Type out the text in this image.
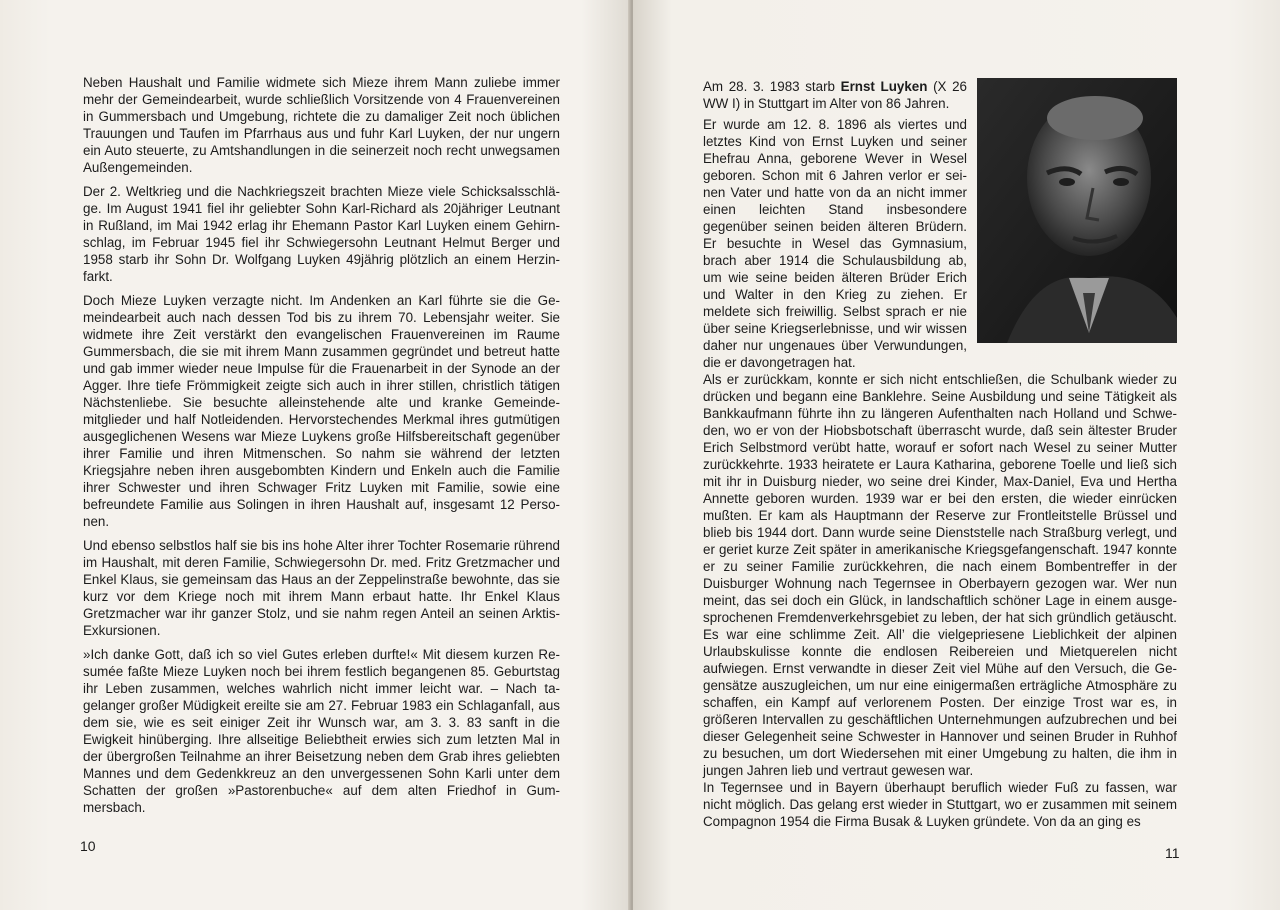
Neben Haushalt und Familie widmete sich Mieze ihrem Mann zuliebe immer mehr der Gemeindearbeit, wurde schließlich Vorsitzende von 4 Frauenvereinen in Gummersbach und Umgebung, richtete die zu damaliger Zeit noch üblichen Trauungen und Taufen im Pfarrhaus aus und fuhr Karl Luyken, der nur ungern ein Auto steuerte, zu Amtshandlungen in die seinerzeit noch recht unwegsamen Außengemeinden.

Der 2. Weltkrieg und die Nachkriegszeit brachten Mieze viele Schicksalsschläge. Im August 1941 fiel ihr geliebter Sohn Karl-Richard als 20jähriger Leutnant in Rußland, im Mai 1942 erlag ihr Ehemann Pastor Karl Luyken einem Gehirnschlag, im Februar 1945 fiel ihr Schwiegersohn Leutnant Helmut Berger und 1958 starb ihr Sohn Dr. Wolfgang Luyken 49jährig plötzlich an einem Herzinfarkt.

Doch Mieze Luyken verzagte nicht. Im Andenken an Karl führte sie die Gemeindearbeit auch nach dessen Tod bis zu ihrem 70. Lebensjahr weiter. Sie widmete ihre Zeit verstärkt den evangelischen Frauenvereinen im Raume Gummersbach, die sie mit ihrem Mann zusammen gegründet und betreut hatte und gab immer wieder neue Impulse für die Frauenarbeit in der Synode an der Agger. Ihre tiefe Frömmigkeit zeigte sich auch in ihrer stillen, christlich tätigen Nächstenliebe. Sie besuchte alleinstehende alte und kranke Gemeindemitglieder und half Notleidenden. Hervorstechendes Merkmal ihres gutmütigen ausgeglichenen Wesens war Mieze Luykens große Hilfsbereitschaft gegenüber ihrer Familie und ihren Mitmenschen. So nahm sie während der letzten Kriegsjahre neben ihren ausgebombten Kindern und Enkeln auch die Familie ihrer Schwester und ihren Schwager Fritz Luyken mit Familie, sowie eine befreundete Familie aus Solingen in ihren Haushalt auf, insgesamt 12 Personen.

Und ebenso selbstlos half sie bis ins hohe Alter ihrer Tochter Rosemarie rührend im Haushalt, mit deren Familie, Schwiegersohn Dr. med. Fritz Gretzmacher und Enkel Klaus, sie gemeinsam das Haus an der Zeppelinstraße bewohnte, das sie kurz vor dem Kriege noch mit ihrem Mann erbaut hatte. Ihr Enkel Klaus Gretzmacher war ihr ganzer Stolz, und sie nahm regen Anteil an seinen Arktis-Exkursionen.

»Ich danke Gott, daß ich so viel Gutes erleben durfte!« Mit diesem kurzen Resumée faßte Mieze Luyken noch bei ihrem festlich begangenen 85. Geburtstag ihr Leben zusammen, welches wahrlich nicht immer leicht war. – Nach tagelanger großer Müdigkeit ereilte sie am 27. Februar 1983 ein Schlaganfall, aus dem sie, wie es seit einiger Zeit ihr Wunsch war, am 3. 3. 83 sanft in die Ewigkeit hinüberging. Ihre allseitige Beliebtheit erwies sich zum letzten Mal in der übergroßen Teilnahme an ihrer Beisetzung neben dem Grab ihres geliebten Mannes und dem Gedenkkreuz an den unvergessenen Sohn Karli unter dem Schatten der großen »Pastorenbuche« auf dem alten Friedhof in Gummersbach.

10

Am 28. 3. 1983 starb Ernst Luyken (X 26 WW I) in Stuttgart im Alter von 86 Jahren.

Er wurde am 12. 8. 1896 als viertes und letztes Kind von Ernst Luyken und seiner Ehefrau Anna, geborene Wever in Wesel geboren. Schon mit 6 Jahren verlor er seinen Vater und hatte von da an nicht immer einen leichten Stand insbesondere gegenüber seinen beiden älteren Brüdern. Er besuchte in Wesel das Gymnasium, brach aber 1914 die Schulausbildung ab, um wie seine beiden älteren Brüder Erich und Walter in den Krieg zu ziehen. Er meldete sich freiwillig. Selbst sprach er nie über seine Kriegserlebnisse, und wir wissen daher nur ungenaues über Verwundungen, die er davongetragen hat.

Als er zurückkam, konnte er sich nicht entschließen, die Schulbank wieder zu drücken und begann eine Banklehre. Seine Ausbildung und seine Tätigkeit als Bankkaufmann führte ihn zu längeren Aufenthalten nach Holland und Schweden, wo er von der Hiobsbotschaft überrascht wurde, daß sein ältester Bruder Erich Selbstmord verübt hatte, worauf er sofort nach Wesel zu seiner Mutter zurückkehrte. 1933 heiratete er Laura Katharina, geborene Toelle und ließ sich mit ihr in Duisburg nieder, wo seine drei Kinder, Max-Daniel, Eva und Hertha Annette geboren wurden. 1939 war er bei den ersten, die wieder einrücken mußten. Er kam als Hauptmann der Reserve zur Frontleitstelle Brüssel und blieb bis 1944 dort. Dann wurde seine Dienststelle nach Straßburg verlegt, und er geriet kurze Zeit später in amerikanische Kriegsgefangenschaft. 1947 konnte er zu seiner Familie zurückkehren, die nach einem Bombentreffer in der Duisburger Wohnung nach Tegernsee in Oberbayern gezogen war. Wer nun meint, das sei doch ein Glück, in landschaftlich schöner Lage in einem ausgesprochenen Fremdenverkehrsgebiet zu leben, der hat sich gründlich getäuscht. Es war eine schlimme Zeit. All’ die vielgepriesene Lieblichkeit der alpinen Urlaubskulisse konnte die endlosen Reibereien und Mietquerelen nicht aufwiegen. Ernst verwandte in dieser Zeit viel Mühe auf den Versuch, die Gegensätze auszugleichen, um nur eine einigermaßen erträgliche Atmosphäre zu schaffen, ein Kampf auf verlorenem Posten. Der einzige Trost war es, in größeren Intervallen zu geschäftlichen Unternehmungen aufzubrechen und bei dieser Gelegenheit seine Schwester in Hannover und seinen Bruder in Ruhhof zu besuchen, um dort Wiedersehen mit einer Umgebung zu halten, die ihm in jungen Jahren lieb und vertraut gewesen war.

In Tegernsee und in Bayern überhaupt beruflich wieder Fuß zu fassen, war nicht möglich. Das gelang erst wieder in Stuttgart, wo er zusammen mit seinem Compagnon 1954 die Firma Busak & Luyken gründete. Von da an ging es

11
